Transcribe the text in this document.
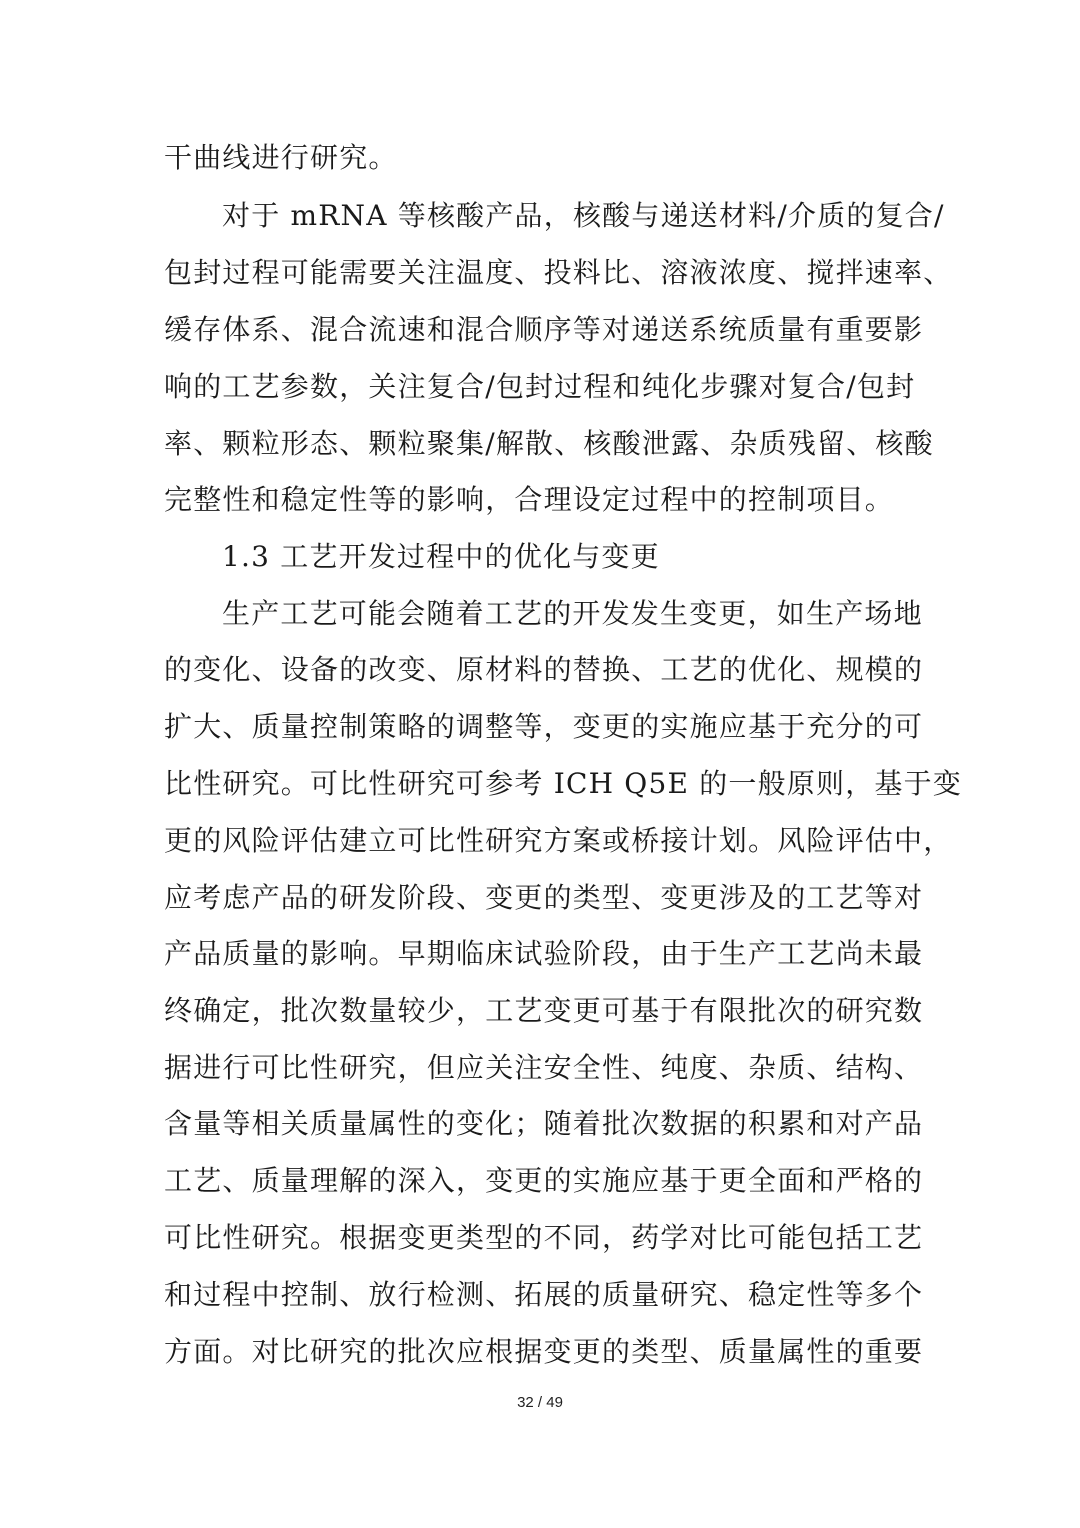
干曲线进行研究。
对于 mRNA 等核酸产品，核酸与递送材料/介质的复合/
包封过程可能需要关注温度、投料比、溶液浓度、搅拌速率、
缓存体系、混合流速和混合顺序等对递送系统质量有重要影
响的工艺参数，关注复合/包封过程和纯化步骤对复合/包封
率、颗粒形态、颗粒聚集/解散、核酸泄露、杂质残留、核酸
完整性和稳定性等的影响，合理设定过程中的控制项目。
1.3 工艺开发过程中的优化与变更
生产工艺可能会随着工艺的开发发生变更，如生产场地
的变化、设备的改变、原材料的替换、工艺的优化、规模的
扩大、质量控制策略的调整等，变更的实施应基于充分的可
比性研究。可比性研究可参考 ICH Q5E 的一般原则，基于变
更的风险评估建立可比性研究方案或桥接计划。风险评估中，
应考虑产品的研发阶段、变更的类型、变更涉及的工艺等对
产品质量的影响。早期临床试验阶段，由于生产工艺尚未最
终确定，批次数量较少，工艺变更可基于有限批次的研究数
据进行可比性研究，但应关注安全性、纯度、杂质、结构、
含量等相关质量属性的变化；随着批次数据的积累和对产品
工艺、质量理解的深入，变更的实施应基于更全面和严格的
可比性研究。根据变更类型的不同，药学对比可能包括工艺
和过程中控制、放行检测、拓展的质量研究、稳定性等多个
方面。对比研究的批次应根据变更的类型、质量属性的重要
32 / 49
